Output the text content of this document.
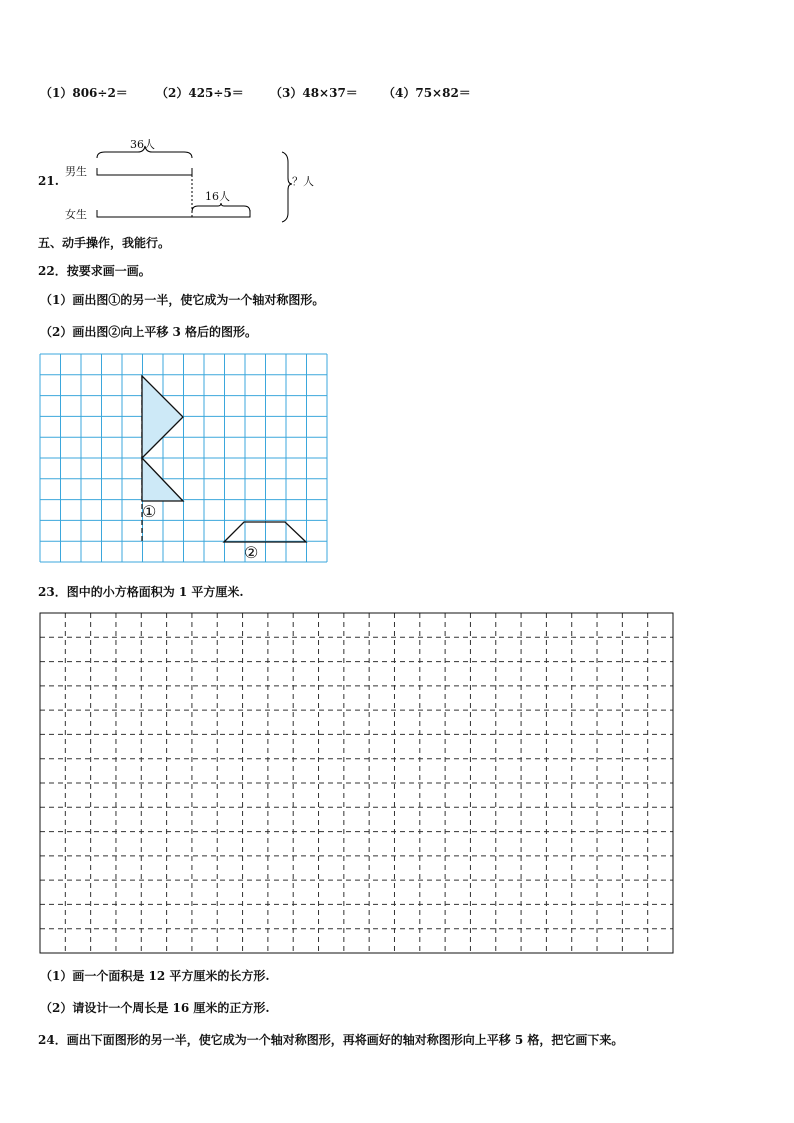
（1）806÷2＝ （2）425÷5＝ （3）48×37＝ （4）75×82＝
21.
男生
女生
36人
16人
？人
五、动手操作，我能行。
22．按要求画一画。
（1）画出图①的另一半，使它成为一个轴对称图形。
（2）画出图②向上平移 3 格后的图形。
①
②
23．图中的小方格面积为 1 平方厘米.
（1）画一个面积是 12 平方厘米的长方形.
（2）请设计一个周长是 16 厘米的正方形.
24．画出下面图形的另一半，使它成为一个轴对称图形，再将画好的轴对称图形向上平移 5 格，把它画下来。
